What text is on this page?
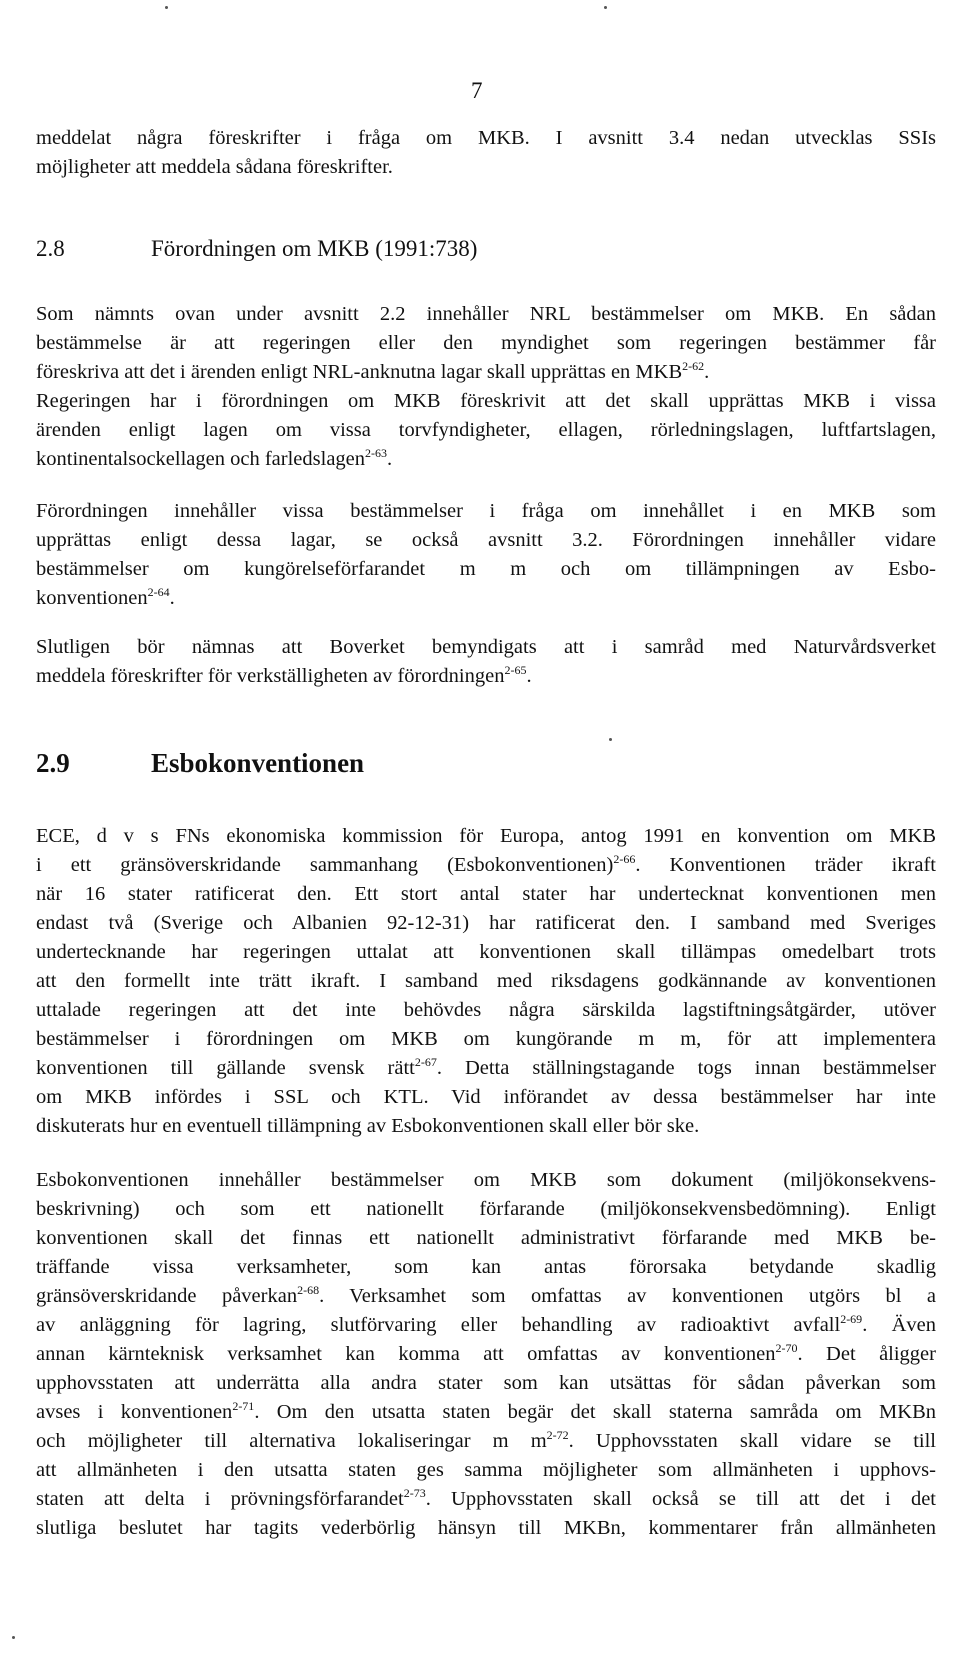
7
meddelat några föreskrifter i fråga om MKB. I avsnitt 3.4 nedan utvecklas SSIs
möjligheter att meddela sådana föreskrifter.
2.8	Förordningen om MKB (1991:738)
Som nämnts ovan under avsnitt 2.2 innehåller NRL bestämmelser om MKB. En sådan
bestämmelse är att regeringen eller den myndighet som regeringen bestämmer får
föreskriva att det i ärenden enligt NRL-anknutna lagar skall upprättas en MKB$^{2-62}$.
Regeringen har i förordningen om MKB föreskrivit att det skall upprättas MKB i vissa
ärenden enligt lagen om vissa torvfyndigheter, ellagen, rörledningslagen, luftfartslagen,
kontinentalsockellagen och farledslagen$^{2-63}$.
Förordningen innehåller vissa bestämmelser i fråga om innehållet i en MKB som
upprättas enligt dessa lagar, se också avsnitt 3.2. Förordningen innehåller vidare
bestämmelser om kungörelseförfarandet m m och om tillämpningen av Esbo-
konventionen$^{2-64}$.
Slutligen bör nämnas att Boverket bemyndigats att i samråd med Naturvårdsverket
meddela föreskrifter för verkställigheten av förordningen$^{2-65}$.
2.9	Esbokonventionen
ECE, d v s FNs ekonomiska kommission för Europa, antog 1991 en konvention om MKB
i ett gränsöverskridande sammanhang (Esbokonventionen)$^{2-66}$. Konventionen träder ikraft
när 16 stater ratificerat den. Ett stort antal stater har undertecknat konventionen men
endast två (Sverige och Albanien 92-12-31) har ratificerat den. I samband med Sveriges
undertecknande har regeringen uttalat att konventionen skall tillämpas omedelbart trots
att den formellt inte trätt ikraft. I samband med riksdagens godkännande av konventionen
uttalade regeringen att det inte behövdes några särskilda lagstiftningsåtgärder, utöver
bestämmelser i förordningen om MKB om kungörande m m, för att implementera
konventionen till gällande svensk rätt$^{2-67}$. Detta ställningstagande togs innan bestämmelser
om MKB infördes i SSL och KTL. Vid införandet av dessa bestämmelser har inte
diskuterats hur en eventuell tillämpning av Esbokonventionen skall eller bör ske.
Esbokonventionen innehåller bestämmelser om MKB som dokument (miljökonsekvens-
beskrivning) och som ett nationellt förfarande (miljökonsekvensbedömning). Enligt
konventionen skall det finnas ett nationellt administrativt förfarande med MKB be-
träffande vissa verksamheter, som kan antas förorsaka betydande skadlig
gränsöverskridande påverkan$^{2-68}$. Verksamhet som omfattas av konventionen utgörs bl a
av anläggning för lagring, slutförvaring eller behandling av radioaktivt avfall$^{2-69}$. Även
annan kärnteknisk verksamhet kan komma att omfattas av konventionen$^{2-70}$. Det åligger
upphovsstaten att underrätta alla andra stater som kan utsättas för sådan påverkan som
avses i konventionen$^{2-71}$. Om den utsatta staten begär det skall staterna samråda om MKBn
och möjligheter till alternativa lokaliseringar m $m^{2-72}$. Upphovsstaten skall vidare se till
att allmänheten i den utsatta staten ges samma möjligheter som allmänheten i upphovs-
staten att delta i prövningsförfarandet$^{2-73}$. Upphovsstaten skall också se till att det i det
slutliga beslutet har tagits vederbörlig hänsyn till MKBn, kommentarer från allmänheten
